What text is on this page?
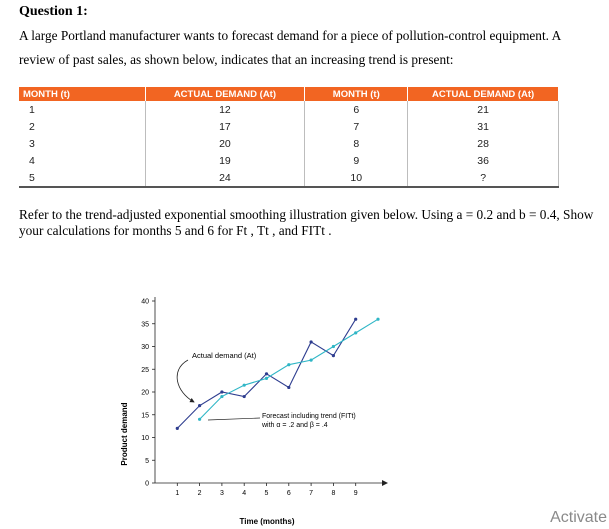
Question 1:
A large Portland manufacturer wants to forecast demand for a piece of pollution-control equipment. A review of past sales, as shown below, indicates that an increasing trend is present:
MONTH (t)	ACTUAL DEMAND (At)	MONTH (t)	ACTUAL DEMAND (At)
1	12	6	21
2	17	7	31
3	20	8	28
4	19	9	36
5	24	10	?
Refer to the trend-adjusted exponential smoothing illustration given below. Using a = 0.2 and b = 0.4, Show your calculations for months 5 and 6 for Ft , Tt , and FITt .
0
5
10
15
20
25
30
35
40
1	2	3	4	5	6	7	8	9
Actual demand (At)
Forecast including trend (FITt)
with α = .2 and β = .4
Time (months)
Product demand
Activate
